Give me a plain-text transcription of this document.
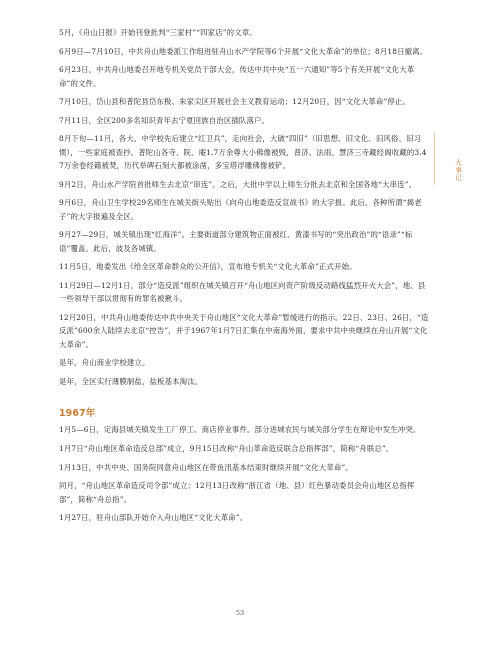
5月，《舟山日报》开始刊登批判“三家村”“四家店”的文章。

6月9日—7月10日，中共舟山地委派工作组进驻舟山水产学院等6个开展“文化大革命”的单位；8月18日撤离。

6月23日，中共舟山地委召开地专机关党员干部大会，传达中共中央“五一六通知”等5个有关开展“文化大革命”的文件。

7月10日，岱山县和普陀县岱东极、朱家尖区开展社会主义教育运动；12月20日，因“文化大革命”停止。

7月11日，全区200多名知识青年去宁夏回族自治区插队落户。

8月下旬—11月，各大、中学校先后建立“红卫兵”，走向社会，大破“四旧”（旧思想、旧文化、旧风俗、旧习惯），一些家庭被查抄。普陀山各寺、院、庵1.7万余尊大小佛像被毁，普济、法雨、慧济三寺藏经阁收藏的3.47万余卷经籍被焚，历代举碑石刻大都被涂凿，多宝塔浮雕佛像被铲。

9月2日，舟山水产学院首批师生去北京“串连”。之后，大批中学以上师生分批去北京和全国各地“大串连”。

9月6日，舟山卫生学校29名师生在城关街头贴出《向舟山地委造反宣战书》的大字报。此后，各种所谓“揭老子”的大字报遍及全区。

9月27—29日，城关镇出现“红海洋”。主要街道部分建筑物正面被红、黄漆书写的“突出政治”的“语录”“标语”覆盖。此后，波及各城镇。

11月5日，地委发出《给全区革命群众的公开信》，宣布地专机关“文化大革命”正式开始。

11月29日—12月1日，部分“造反派”组织在城关镇召开“舟山地区向资产阶级反动路线猛烈开火大会”，地、县一些领导干部以贯彻有的罪名被揪斗。

12月20日，中共舟山地委传达中共中央关于舟山地区“文化大革命”暂缓进行的指示。22日、23日、26日，“造反派”600余人陆续去北京“控告”，并于1967年1月7日汇集在中南海外面，要求中共中央继续在舟山开展“文化大革命”。

是年，舟山商业学校建立。

是年，全区实行薄膜制盐，盐板基本淘汰。

1967年

1月5—6日，定海县城关镇发生工厂停工、商店停业事件。部分进城农民与城关部分学生在辩论中发生冲突。

1月7日“舟山地区革命造反总部”成立，9月15日改称“舟山革命造反联合总指挥部”，简称“舟联总”。

1月13日，中共中央、国务院同意舟山地区在带鱼汛基本结束时继续开展“文化大革命”。

同月，“舟山地区革命造反司令部”成立；12月13日改称“浙江省（地、县）红色暴动委员会舟山地区总指挥部”，简称“舟总指”。

1月27日，驻舟山部队开始介入舟山地区“文化大革命”。

大事记
53
